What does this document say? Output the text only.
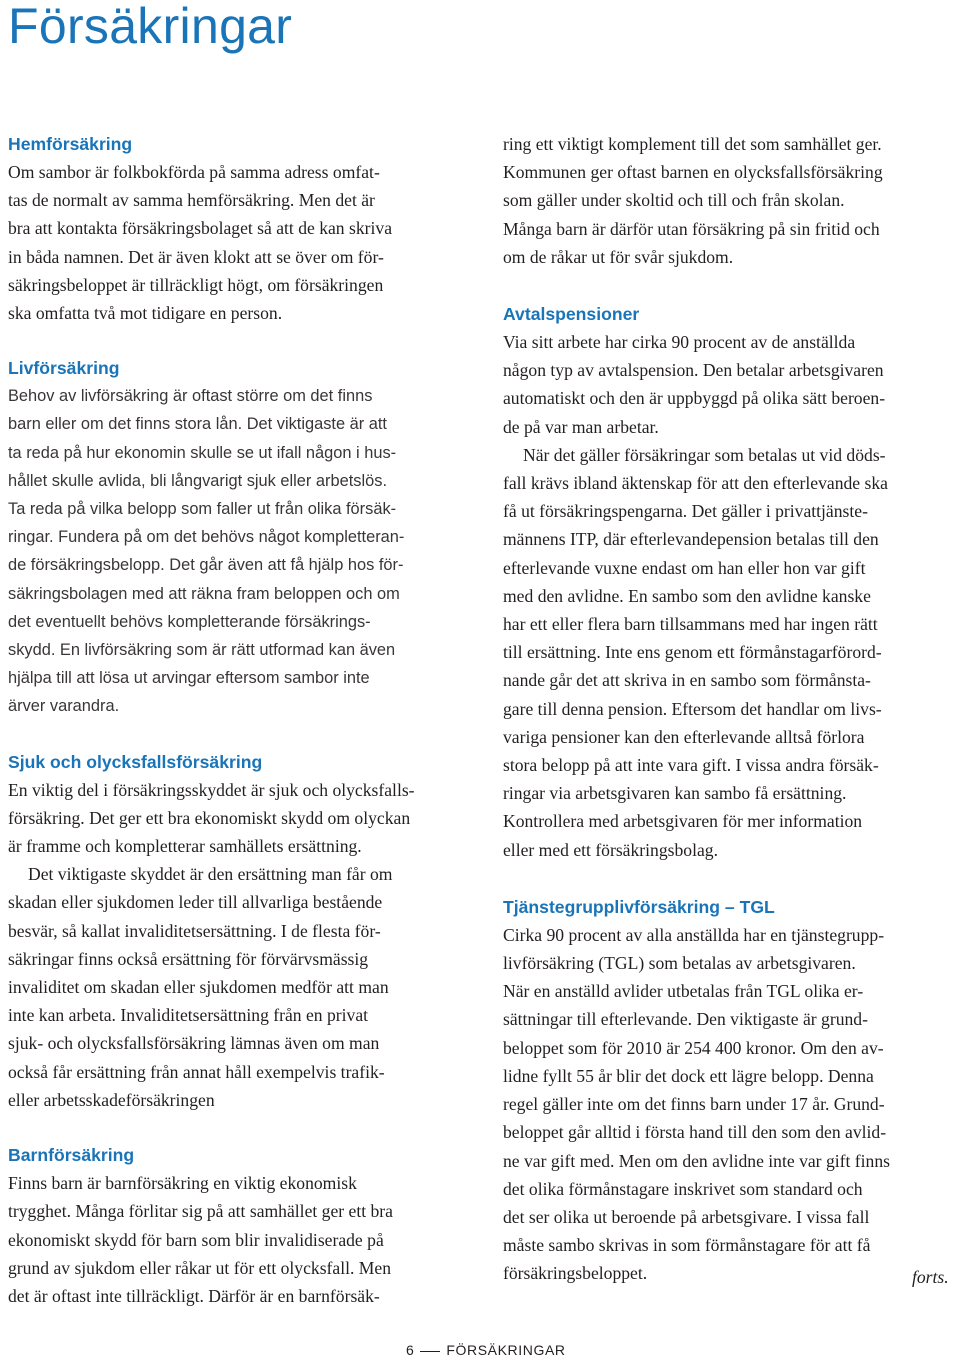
Försäkringar
Hemförsäkring

Om sambor är folkbokförda på samma adress omfat-
tas de normalt av samma hemförsäkring. Men det är
bra att kontakta försäkringsbolaget så att de kan skriva
in båda namnen. Det är även klokt att se över om för-
säkringsbeloppet är tillräckligt högt, om försäkringen
ska omfatta två mot tidigare en person.

Livförsäkring

Behov av livförsäkring är oftast större om det finns
barn eller om det finns stora lån. Det viktigaste är att
ta reda på hur ekonomin skulle se ut ifall någon i hus-
hållet skulle avlida, bli långvarigt sjuk eller arbetslös.
Ta reda på vilka belopp som faller ut från olika försäk-
ringar. Fundera på om det behövs något kompletteran-
de försäkringsbelopp. Det går även att få hjälp hos för-
säkringsbolagen med att räkna fram beloppen och om
det eventuellt behövs kompletterande försäkrings-
skydd. En livförsäkring som är rätt utformad kan även
hjälpa till att lösa ut arvingar eftersom sambor inte
ärver varandra.

Sjuk och olycksfallsförsäkring

En viktig del i försäkringsskyddet är sjuk och olycksfalls-
försäkring. Det ger ett bra ekonomiskt skydd om olyckan
är framme och kompletterar samhällets ersättning.

Det viktigaste skyddet är den ersättning man får om
skadan eller sjukdomen leder till allvarliga bestående
besvär, så kallat invaliditetsersättning. I de flesta för-
säkringar finns också ersättning för förvärvsmässig
invaliditet om skadan eller sjukdomen medför att man
inte kan arbeta. Invaliditetsersättning från en privat
sjuk- och olycksfallsförsäkring lämnas även om man
också får ersättning från annat håll exempelvis trafik-
eller arbetsskadeförsäkringen

Barnförsäkring

Finns barn är barnförsäkring en viktig ekonomisk
trygghet. Många förlitar sig på att samhället ger ett bra
ekonomiskt skydd för barn som blir invalidiserade på
grund av sjukdom eller råkar ut för ett olycksfall. Men
det är oftast inte tillräckligt. Därför är en barnförsäk-

ring ett viktigt komplement till det som samhället ger.
Kommunen ger oftast barnen en olycksfallsförsäkring
som gäller under skoltid och till och från skolan.
Många barn är därför utan försäkring på sin fritid och
om de råkar ut för svår sjukdom.

Avtalspensioner

Via sitt arbete har cirka 90 procent av de anställda
någon typ av avtalspension. Den betalar arbetsgivaren
automatiskt och den är uppbyggd på olika sätt beroen-
de på var man arbetar.

När det gäller försäkringar som betalas ut vid döds-
fall krävs ibland äktenskap för att den efterlevande ska
få ut försäkringspengarna. Det gäller i privattjänste-
männens ITP, där efterlevandepension betalas till den
efterlevande vuxne endast om han eller hon var gift
med den avlidne. En sambo som den avlidne kanske
har ett eller flera barn tillsammans med har ingen rätt
till ersättning. Inte ens genom ett förmånstagarförord-
nande går det att skriva in en sambo som förmånsta-
gare till denna pension. Eftersom det handlar om livs-
variga pensioner kan den efterlevande alltså förlora
stora belopp på att inte vara gift. I vissa andra försäk-
ringar via arbetsgivaren kan sambo få ersättning.
Kontrollera med arbetsgivaren för mer information
eller med ett försäkringsbolag.

Tjänstegrupplivförsäkring – TGL

Cirka 90 procent av alla anställda har en tjänstegrupp-
livförsäkring (TGL) som betalas av arbetsgivaren.
När en anställd avlider utbetalas från TGL olika er-
sättningar till efterlevande. Den viktigaste är grund-
beloppet som för 2010 är 254 400 kronor. Om den av-
lidne fyllt 55 år blir det dock ett lägre belopp. Denna
regel gäller inte om det finns barn under 17 år. Grund-
beloppet går alltid i första hand till den som den avlid-
ne var gift med. Men om den avlidne inte var gift finns
det olika förmånstagare inskrivet som standard och
det ser olika ut beroende på arbetsgivare. I vissa fall
måste sambo skrivas in som förmånstagare för att få
försäkringsbeloppet.	forts.
6 FÖRSÄKRINGAR
